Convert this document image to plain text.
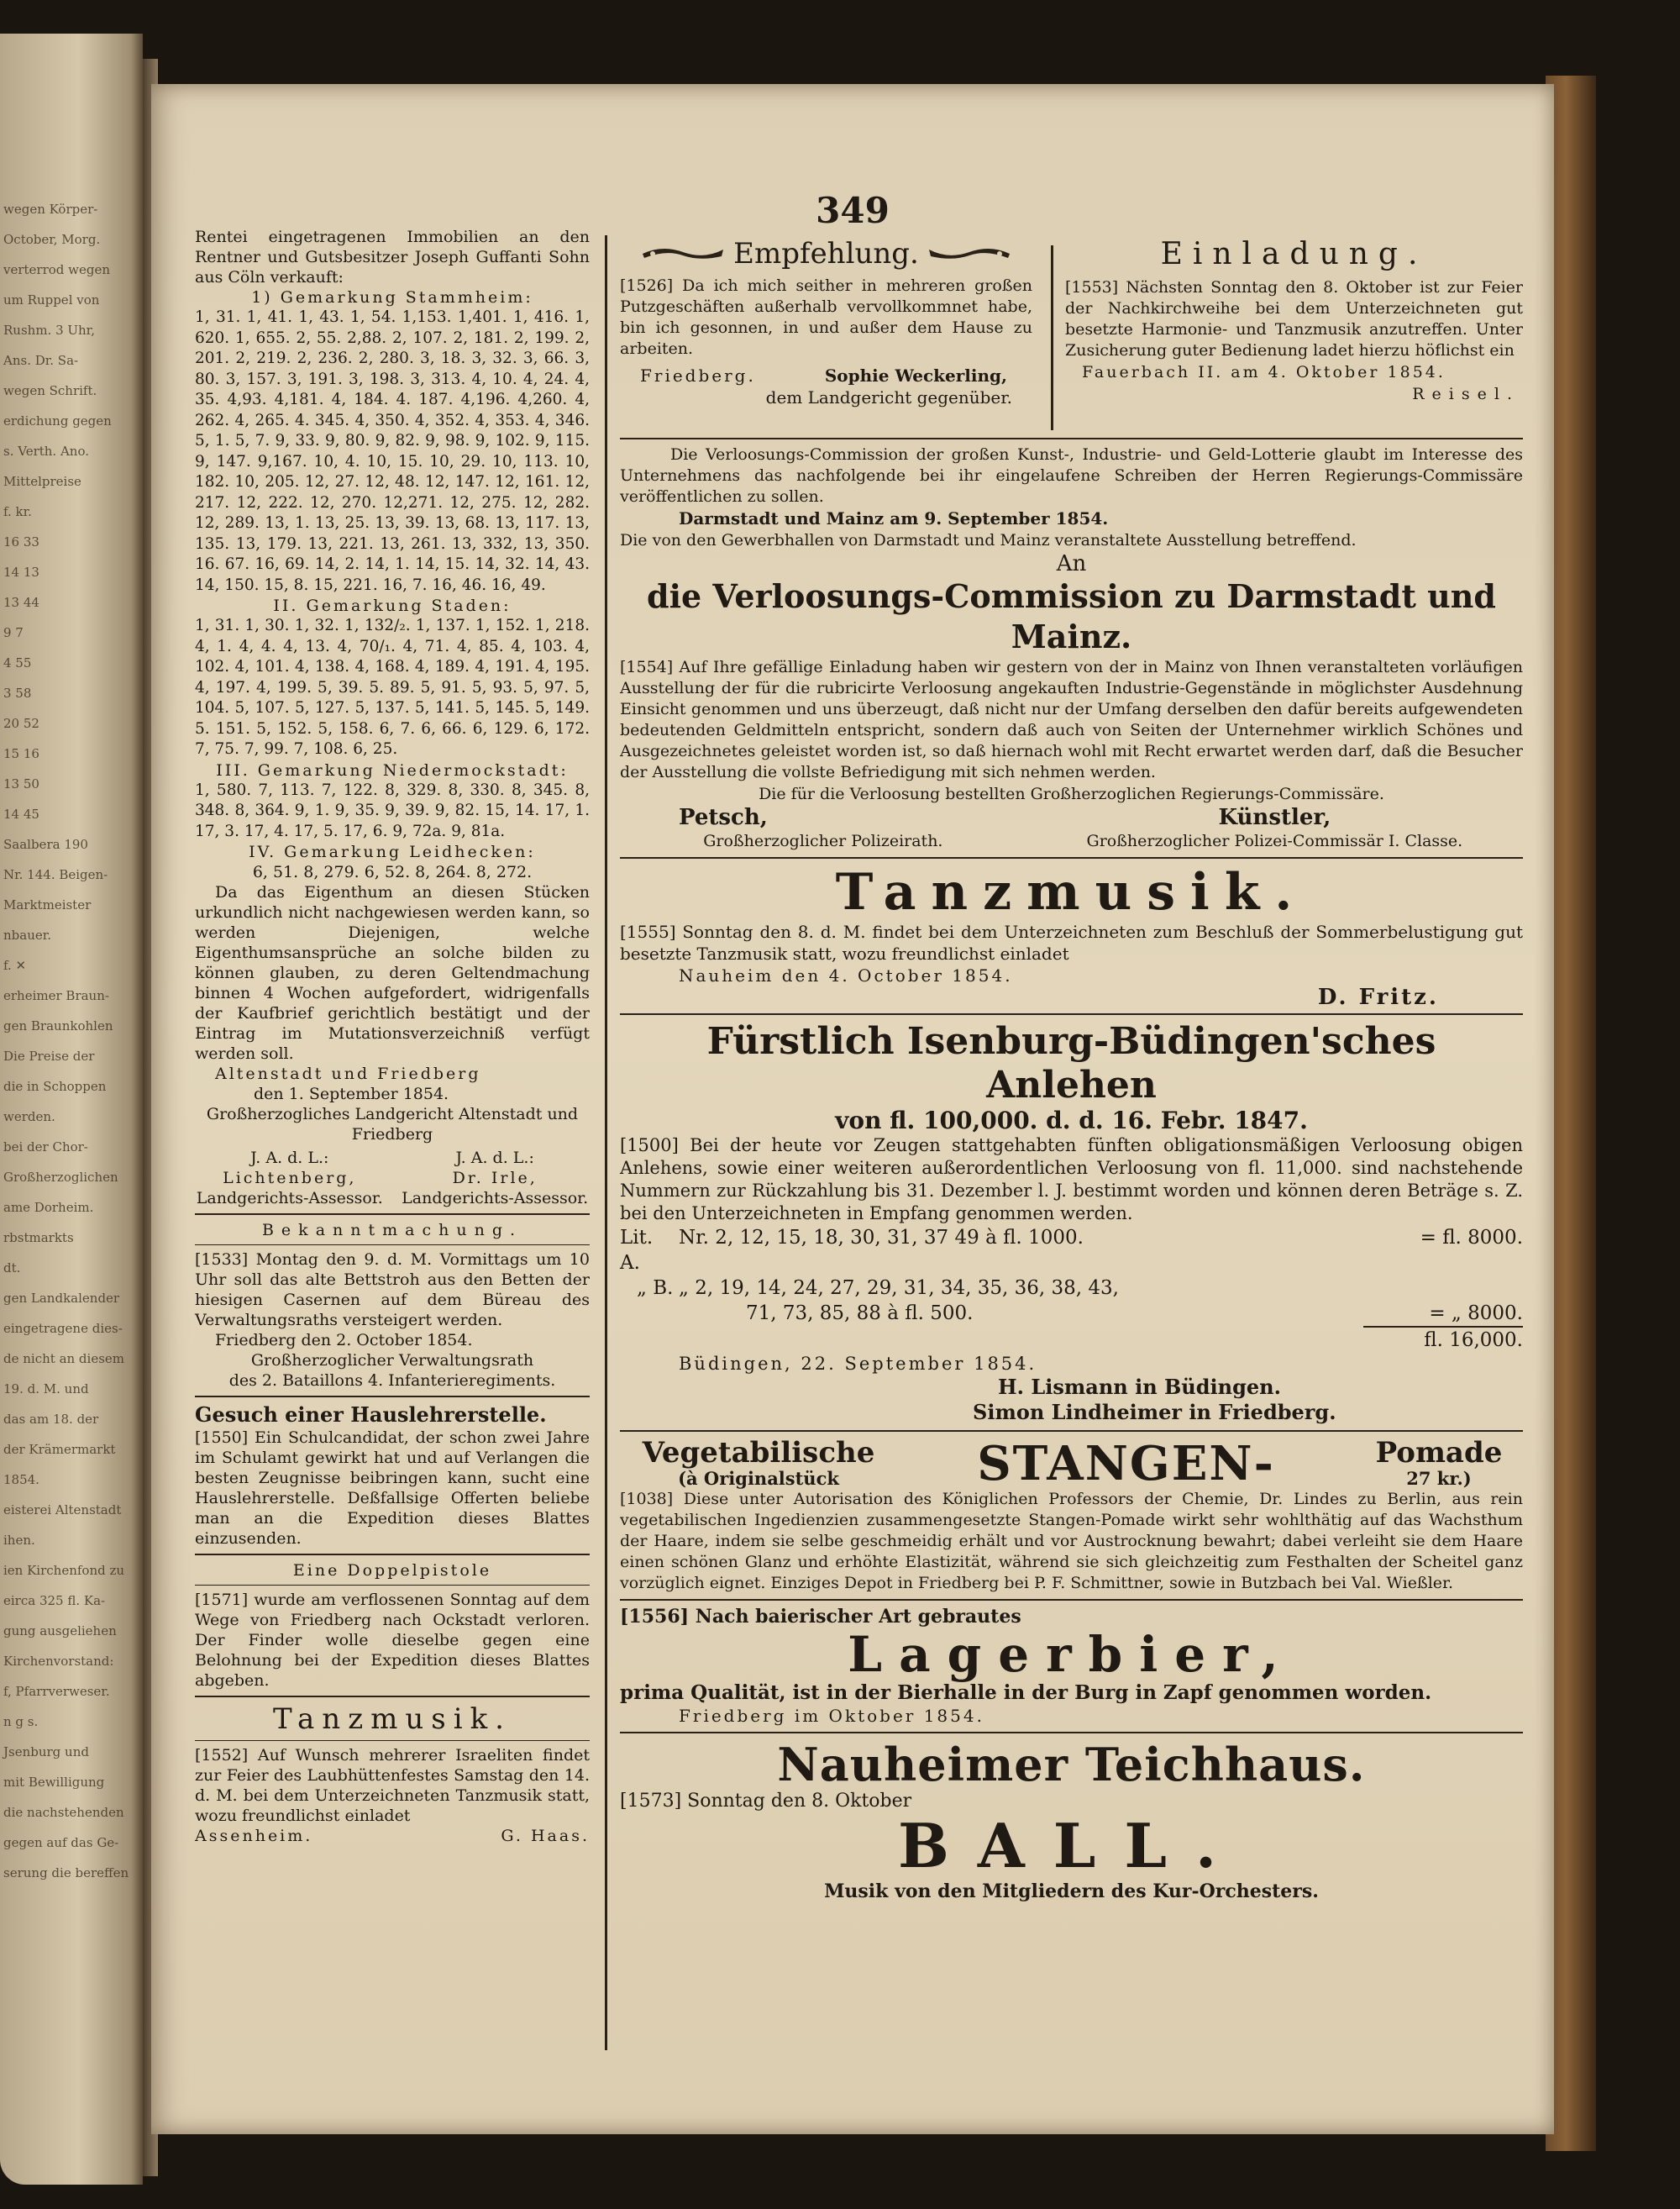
349

Rentei eingetragenen Immobilien an den Rentner und Gutsbesitzer Joseph Guffanti Sohn aus Cöln verkauft:

1) Gemarkung Stammheim:

1, 31. 1, 41. 1, 43. 1, 54. 1,153. 1,401. 1, 416. 1, 620. 1, 655. 2, 55. 2,88. 2, 107. 2, 181. 2, 199. 2, 201. 2, 219. 2, 236. 2, 280. 3, 18. 3, 32. 3, 66. 3, 80. 3, 157. 3, 191. 3, 198. 3, 313. 4, 10. 4, 24. 4, 35. 4,93. 4,181. 4, 184. 4. 187. 4,196. 4,260. 4, 262. 4, 265. 4. 345. 4, 350. 4, 352. 4, 353. 4, 346. 5, 1. 5, 7. 9, 33. 9, 80. 9, 82. 9, 98. 9, 102. 9, 115. 9, 147. 9,167. 10, 4. 10, 15. 10, 29. 10, 113. 10, 182. 10, 205. 12, 27. 12, 48. 12, 147. 12, 161. 12, 217. 12, 222. 12, 270. 12,271. 12, 275. 12, 282. 12, 289. 13, 1. 13, 25. 13, 39. 13, 68. 13, 117. 13, 135. 13, 179. 13, 221. 13, 261. 13, 332, 13, 350. 16. 67. 16, 69. 14, 2. 14, 1. 14, 15. 14, 32. 14, 43. 14, 150. 15, 8. 15, 221. 16, 7. 16, 46. 16, 49.

II. Gemarkung Staden:

1, 31. 1, 30. 1, 32. 1, 132/₂. 1, 137. 1, 152. 1, 218. 4, 1. 4, 4. 4, 13. 4, 70/₁. 4, 71. 4, 85. 4, 103. 4, 102. 4, 101. 4, 138. 4, 168. 4, 189. 4, 191. 4, 195. 4, 197. 4, 199. 5, 39. 5. 89. 5, 91. 5, 93. 5, 97. 5, 104. 5, 107. 5, 127. 5, 137. 5, 141. 5, 145. 5, 149. 5. 151. 5, 152. 5, 158. 6, 7. 6, 66. 6, 129. 6, 172. 7, 75. 7, 99. 7, 108. 6, 25.

III. Gemarkung Niedermockstadt:

1, 580. 7, 113. 7, 122. 8, 329. 8, 330. 8, 345. 8, 348. 8, 364. 9, 1. 9, 35. 9, 39. 9, 82. 15, 14. 17, 1. 17, 3. 17, 4. 17, 5. 17, 6. 9, 72a. 9, 81a.

IV. Gemarkung Leidhecken:

6, 51. 8, 279. 6, 52. 8, 264. 8, 272.

Da das Eigenthum an diesen Stücken urkundlich nicht nachgewiesen werden kann, so werden Diejenigen, welche Eigenthumsansprüche an solche bilden zu können glauben, zu deren Geltendmachung binnen 4 Wochen aufgefordert, widrigenfalls der Kaufbrief gerichtlich bestätigt und der Eintrag im Mutationsverzeichniß verfügt werden soll.

Altenstadt und Friedberg

den 1. September 1854.

Großherzogliches Landgericht Altenstadt und Friedberg

J. A. d. L.:

Lichtenberg,

Landgerichts-Assessor.

J. A. d. L.:

Dr. Irle,

Landgerichts-Assessor.

Bekanntmachung.

[1533] Montag den 9. d. M. Vormittags um 10 Uhr soll das alte Bettstroh aus den Betten der hiesigen Casernen auf dem Büreau des Verwaltungsraths versteigert werden.

Friedberg den 2. October 1854.

Großherzoglicher Verwaltungsrath

des 2. Bataillons 4. Infanterieregiments.

Gesuch einer Hauslehrerstelle.

[1550] Ein Schulcandidat, der schon zwei Jahre im Schulamt gewirkt hat und auf Verlangen die besten Zeugnisse beibringen kann, sucht eine Hauslehrerstelle. Deßfallsige Offerten beliebe man an die Expedition dieses Blattes einzusenden.

Eine Doppelpistole

[1571] wurde am verflossenen Sonntag auf dem Wege von Friedberg nach Ockstadt verloren. Der Finder wolle dieselbe gegen eine Belohnung bei der Expedition dieses Blattes abgeben.

Tanzmusik.

[1552] Auf Wunsch mehrerer Israeliten findet zur Feier des Laubhüttenfestes Samstag den 14. d. M. bei dem Unterzeichneten Tanzmusik statt, wozu freundlichst einladet

Assenheim.	G. Haas.
Empfehlung.

[1526] Da ich mich seither in mehreren großen Putzgeschäften außerhalb vervollkommnet habe, bin ich gesonnen, in und außer dem Hause zu arbeiten.

Friedberg.	Sophie Weckerling,

dem Landgericht gegenüber.

Einladung.

[1553] Nächsten Sonntag den 8. Oktober ist zur Feier der Nachkirchweihe bei dem Unterzeichneten gut besetzte Harmonie- und Tanzmusik anzutreffen. Unter Zusicherung guter Bedienung ladet hierzu höflichst ein

Fauerbach II. am 4. Oktober 1854.

Reisel.

Die Verloosungs-Commission der großen Kunst-, Industrie- und Geld-Lotterie glaubt im Interesse des Unternehmens das nachfolgende bei ihr eingelaufene Schreiben der Herren Regierungs-Commissäre veröffentlichen zu sollen.

Darmstadt und Mainz am 9. September 1854.

Die von den Gewerbhallen von Darmstadt und Mainz veranstaltete Ausstellung betreffend.

An

die Verloosungs-Commission zu Darmstadt und Mainz.

[1554] Auf Ihre gefällige Einladung haben wir gestern von der in Mainz von Ihnen veranstalteten vorläufigen Ausstellung der für die rubricirte Verloosung angekauften Industrie-Gegenstände in möglichster Ausdehnung Einsicht genommen und uns überzeugt, daß nicht nur der Umfang derselben den dafür bereits aufgewendeten bedeutenden Geldmitteln entspricht, sondern daß auch von Seiten der Unternehmer wirklich Schönes und Ausgezeichnetes geleistet worden ist, so daß hiernach wohl mit Recht erwartet werden darf, daß die Besucher der Ausstellung die vollste Befriedigung mit sich nehmen werden.

Die für die Verloosung bestellten Großherzoglichen Regierungs-Commissäre.

Petsch,

Großherzoglicher Polizeirath.

Künstler,

Großherzoglicher Polizei-Commissär I. Classe.

Tanzmusik.

[1555] Sonntag den 8. d. M. findet bei dem Unterzeichneten zum Beschluß der Sommerbelustigung gut besetzte Tanzmusik statt, wozu freundlichst einladet

Nauheim den 4. October 1854.

D. Fritz.

Fürstlich Isenburg-Büdingen'sches Anlehen

von fl. 100,000. d. d. 16. Febr. 1847.

[1500] Bei der heute vor Zeugen stattgehabten fünften obligationsmäßigen Verloosung obigen Anlehens, sowie einer weiteren außerordentlichen Verloosung von fl. 11,000. sind nachstehende Nummern zur Rückzahlung bis 31. Dezember l. J. bestimmt worden und können deren Beträge s. Z. bei den Unterzeichneten in Empfang genommen werden.

Lit. A.
Nr. 2, 12, 15, 18, 30, 31, 37 49 à fl. 1000.	= fl. 8000.
„ B. „ 2, 19, 14, 24, 27, 29, 31, 34, 35, 36, 38, 43,
71, 73, 85, 88 à fl. 500.	= „ 8000.

fl. 16,000.

Büdingen, 22. September 1854.

H. Lismann in Büdingen.

Simon Lindheimer in Friedberg.

Vegetabilische

(à Originalstück	STANGEN-	Pomade

27 kr.)

[1038] Diese unter Autorisation des Königlichen Professors der Chemie, Dr. Lindes zu Berlin, aus rein vegetabilischen Ingedienzien zusammengesetzte Stangen-Pomade wirkt sehr wohlthätig auf das Wachsthum der Haare, indem sie selbe geschmeidig erhält und vor Austrocknung bewahrt; dabei verleiht sie dem Haare einen schönen Glanz und erhöhte Elastizität, während sie sich gleichzeitig zum Festhalten der Scheitel ganz vorzüglich eignet. Einziges Depot in Friedberg bei P. F. Schmittner, sowie in Butzbach bei Val. Wießler.

[1556] Nach baierischer Art gebrautes

Lagerbier,

prima Qualität, ist in der Bierhalle in der Burg in Zapf genommen worden.

Friedberg im Oktober 1854.

Nauheimer Teichhaus.

[1573] Sonntag den 8. Oktober

BALL.

Musik von den Mitgliedern des Kur-Orchesters.

wegen Körper-
October, Morg.
verterrod wegen
um Ruppel von
Rushm. 3 Uhr,
Ans. Dr. Sa-
wegen Schrift.
erdichung gegen
s. Verth. Ano.
Mittelpreise
f. kr.
16 33
14 13
13 44
9 7
4 55
3 58
20 52
15 16
13 50
14 45
Saalbera 190
Nr. 144. Beigen-
Marktmeister
nbauer.
f. ✕
erheimer Braun-
gen Braunkohlen
Die Preise der
die in Schoppen
werden.
bei der Chor-
Großherzoglichen
ame Dorheim.
rbstmarkts
dt.
gen Landkalender
eingetragene dies-
de nicht an diesem
19. d. M. und
das am 18. der
der Krämermarkt
1854.
eisterei Altenstadt
ihen.
ien Kirchenfond zu
eirca 325 fl. Ka-
gung ausgeliehen
Kirchenvorstand:
f, Pfarrverweser.
n g s.
Jsenburg und
mit Bewilligung
die nachstehenden
gegen auf das Ge-
serung die bereffen
